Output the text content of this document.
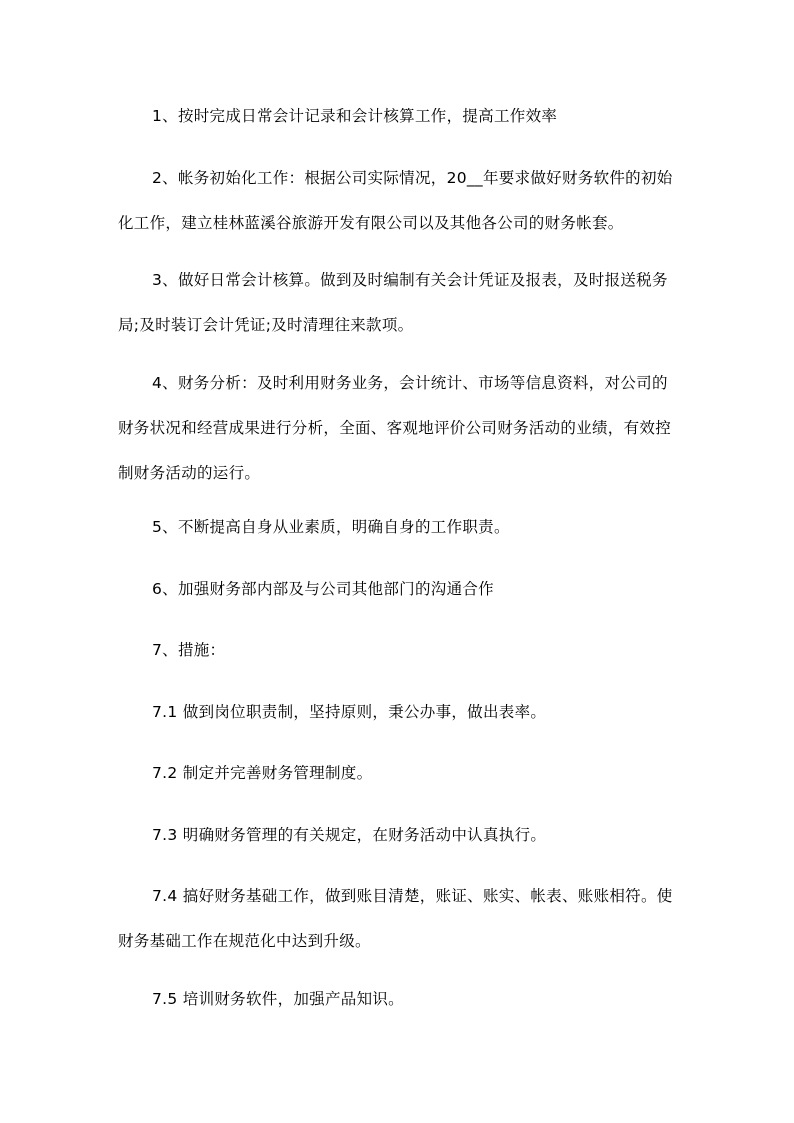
1、按时完成日常会计记录和会计核算工作，提高工作效率

2、帐务初始化工作：根据公司实际情况，20__年要求做好财务软件的初始化工作，建立桂林蓝溪谷旅游开发有限公司以及其他各公司的财务帐套。

3、做好日常会计核算。做到及时编制有关会计凭证及报表，及时报送税务局;及时装订会计凭证;及时清理往来款项。

4、财务分析：及时利用财务业务，会计统计、市场等信息资料，对公司的财务状况和经营成果进行分析，全面、客观地评价公司财务活动的业绩，有效控制财务活动的运行。

5、不断提高自身从业素质，明确自身的工作职责。

6、加强财务部内部及与公司其他部门的沟通合作

7、措施：

7.1 做到岗位职责制，坚持原则，秉公办事，做出表率。

7.2 制定并完善财务管理制度。

7.3 明确财务管理的有关规定，在财务活动中认真执行。

7.4 搞好财务基础工作，做到账目清楚，账证、账实、帐表、账账相符。使财务基础工作在规范化中达到升级。

7.5 培训财务软件，加强产品知识。
